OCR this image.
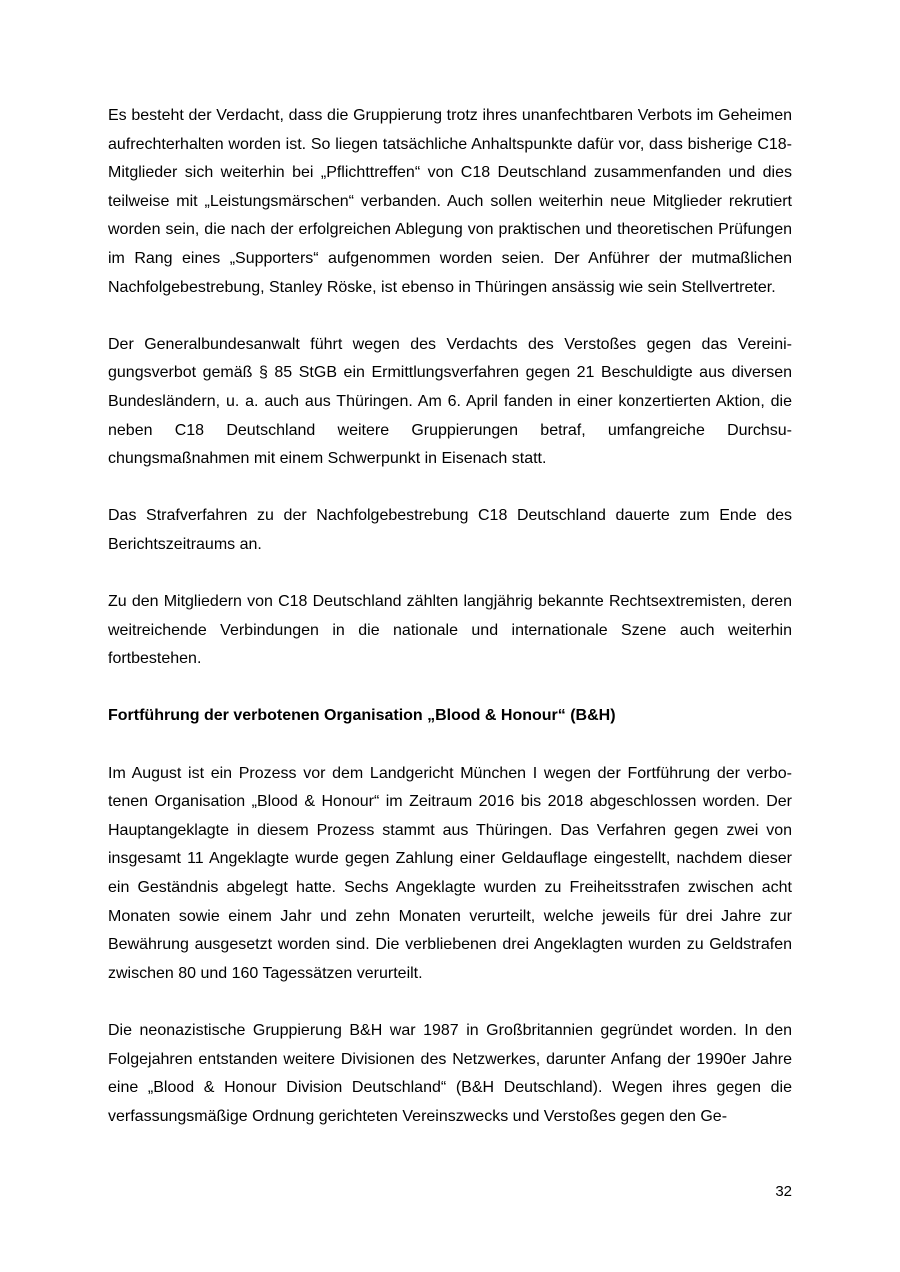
Es besteht der Verdacht, dass die Gruppierung trotz ihres unanfechtbaren Verbots im Geheimen aufrechterhalten worden ist. So liegen tatsächliche Anhaltspunkte dafür vor, dass bisherige C18-Mitglieder sich weiterhin bei „Pflichttreffen“ von C18 Deutschland zusammenfanden und dies teilweise mit „Leistungsmärschen“ verbanden. Auch sollen weiterhin neue Mitglieder rekrutiert worden sein, die nach der erfolgreichen Ablegung von praktischen und theoretischen Prüfungen im Rang eines „Supporters“ aufgenommen worden seien. Der Anführer der mutmaßlichen Nachfolgebestrebung, Stanley Röske, ist ebenso in Thüringen ansässig wie sein Stellvertreter.

Der Generalbundesanwalt führt wegen des Verdachts des Verstoßes gegen das Vereinigungsverbot gemäß § 85 StGB ein Ermittlungsverfahren gegen 21 Beschuldigte aus diversen Bundesländern, u. a. auch aus Thüringen. Am 6. April fanden in einer konzertierten Aktion, die neben C18 Deutschland weitere Gruppierungen betraf, umfangreiche Durchsuchungsmaßnahmen mit einem Schwerpunkt in Eisenach statt.

Das Strafverfahren zu der Nachfolgebestrebung C18 Deutschland dauerte zum Ende des Berichtszeitraums an.

Zu den Mitgliedern von C18 Deutschland zählten langjährig bekannte Rechtsextremisten, deren weitreichende Verbindungen in die nationale und internationale Szene auch weiterhin fortbestehen.

Fortführung der verbotenen Organisation „Blood & Honour“ (B&H)

Im August ist ein Prozess vor dem Landgericht München I wegen der Fortführung der verbotenen Organisation „Blood & Honour“ im Zeitraum 2016 bis 2018 abgeschlossen worden. Der Hauptangeklagte in diesem Prozess stammt aus Thüringen. Das Verfahren gegen zwei von insgesamt 11 Angeklagte wurde gegen Zahlung einer Geldauflage eingestellt, nachdem dieser ein Geständnis abgelegt hatte. Sechs Angeklagte wurden zu Freiheitsstrafen zwischen acht Monaten sowie einem Jahr und zehn Monaten verurteilt, welche jeweils für drei Jahre zur Bewährung ausgesetzt worden sind. Die verbliebenen drei Angeklagten wurden zu Geldstrafen zwischen 80 und 160 Tagessätzen verurteilt.

Die neonazistische Gruppierung B&H war 1987 in Großbritannien gegründet worden. In den Folgejahren entstanden weitere Divisionen des Netzwerkes, darunter Anfang der 1990er Jahre eine „Blood & Honour Division Deutschland“ (B&H Deutschland). Wegen ihres gegen die verfassungsmäßige Ordnung gerichteten Vereinszwecks und Verstoßes gegen den Ge-

32
